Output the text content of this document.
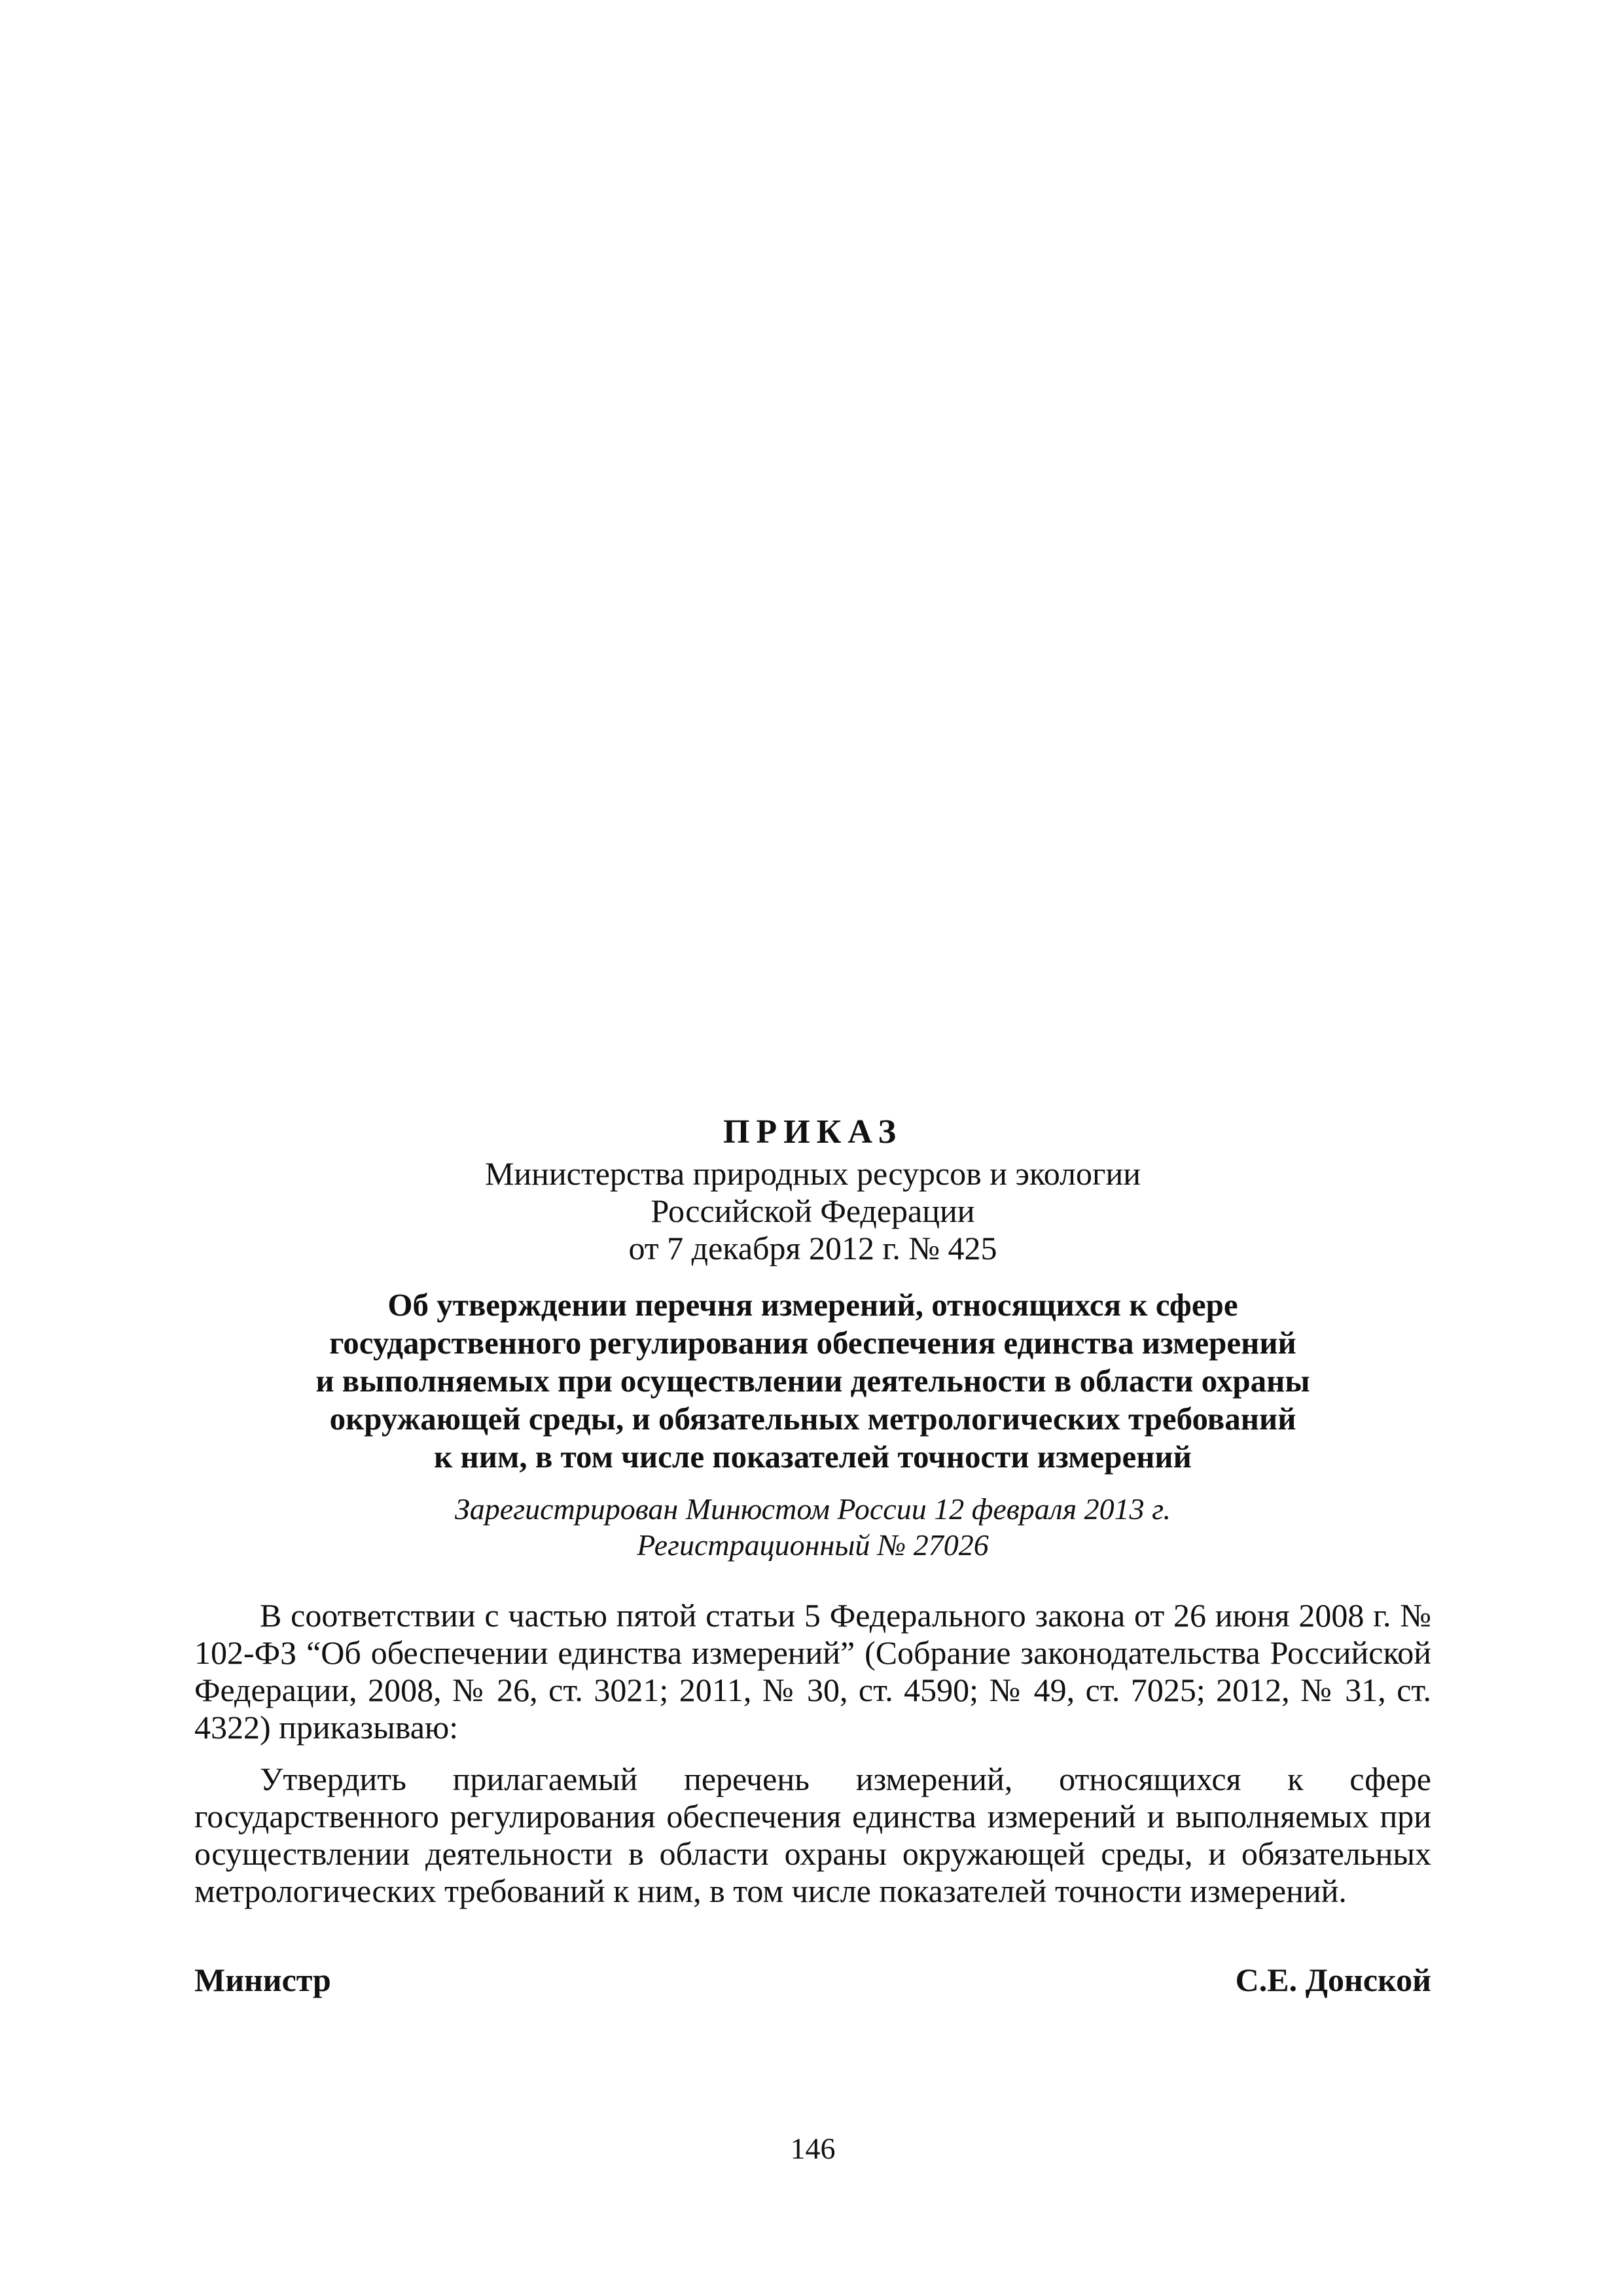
ПРИКАЗ
Министерства природных ресурсов и экологии
Российской Федерации
от 7 декабря 2012 г. № 425
Об утверждении перечня измерений, относящихся к сфере
государственного регулирования обеспечения единства измерений
и выполняемых при осуществлении деятельности в области охраны
окружающей среды, и обязательных метрологических требований
к ним, в том числе показателей точности измерений
Зарегистрирован Минюстом России 12 февраля 2013 г.
Регистрационный № 27026

В соответствии с частью пятой статьи 5 Федерального закона от 26 июня 2008 г. № 102-ФЗ “Об обеспечении единства измерений” (Собрание законодательства Российской Федерации, 2008, № 26, ст. 3021; 2011, № 30, ст. 4590; № 49, ст. 7025; 2012, № 31, ст. 4322) приказываю:

Утвердить прилагаемый перечень измерений, относящихся к сфере государственного регулирования обеспечения единства измерений и выполняемых при осуществлении деятельности в области охраны окружающей среды, и обязательных метрологических требований к ним, в том числе показателей точности измерений.

Министр	С.Е. Донской
146
